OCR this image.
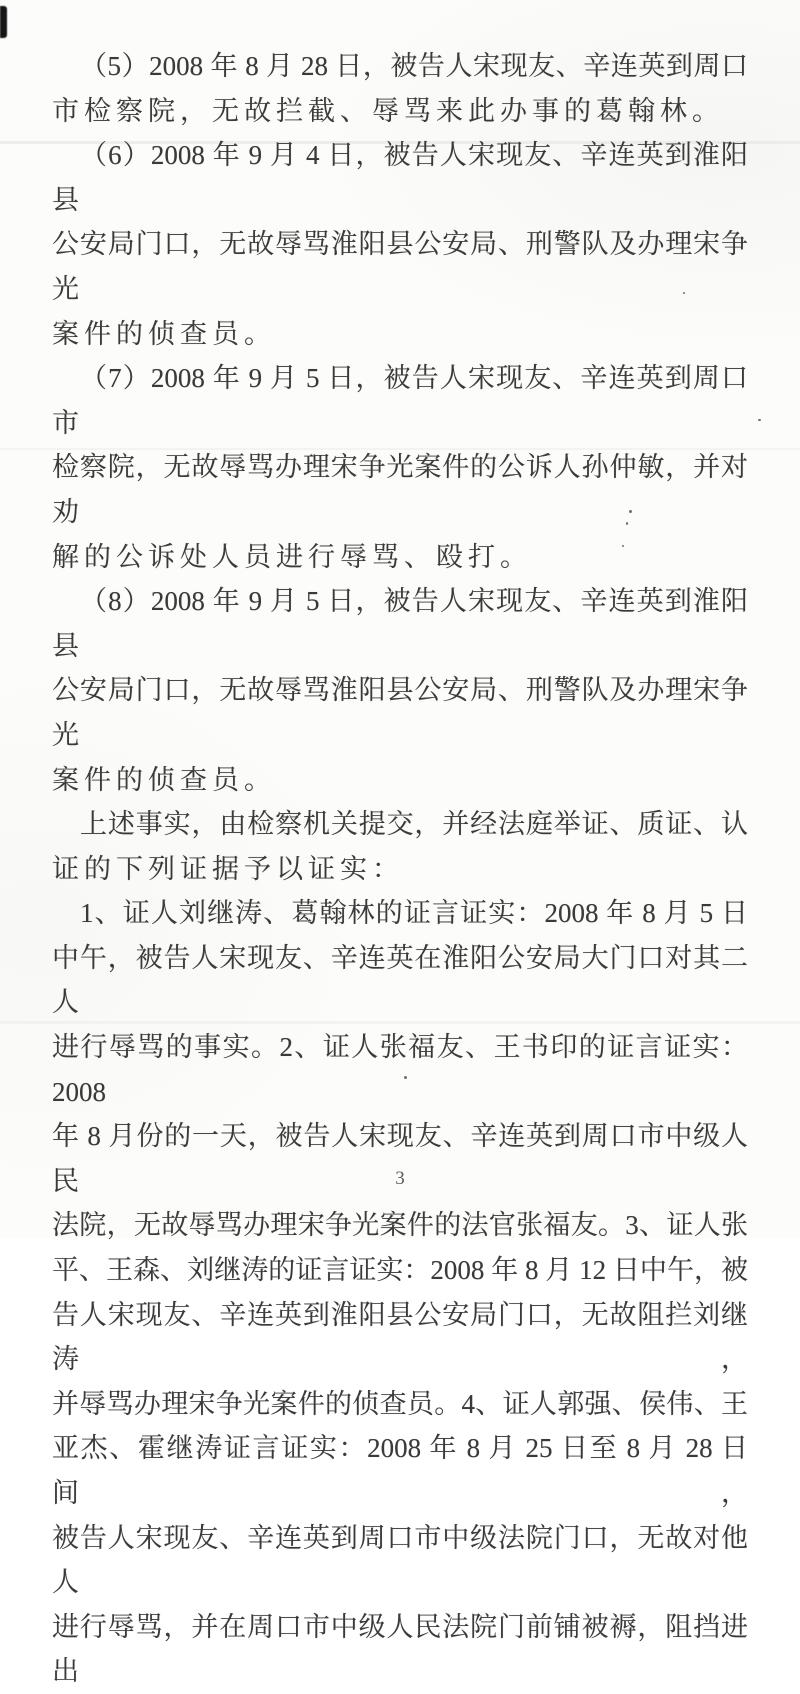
（5）2008 年 8 月 28 日，被告人宋现友、辛连英到周口
市检察院，无故拦截、辱骂来此办事的葛翰林。
（6）2008 年 9 月 4 日，被告人宋现友、辛连英到淮阳县
公安局门口，无故辱骂淮阳县公安局、刑警队及办理宋争光
案件的侦查员。
（7）2008 年 9 月 5 日，被告人宋现友、辛连英到周口市
检察院，无故辱骂办理宋争光案件的公诉人孙仲敏，并对劝
解的公诉处人员进行辱骂、殴打。
（8）2008 年 9 月 5 日，被告人宋现友、辛连英到淮阳县
公安局门口，无故辱骂淮阳县公安局、刑警队及办理宋争光
案件的侦查员。
上述事实，由检察机关提交，并经法庭举证、质证、认
证的下列证据予以证实：
1、证人刘继涛、葛翰林的证言证实：2008 年 8 月 5 日
中午，被告人宋现友、辛连英在淮阳公安局大门口对其二人
进行辱骂的事实。2、证人张福友、王书印的证言证实：2008
年 8 月份的一天，被告人宋现友、辛连英到周口市中级人民
法院，无故辱骂办理宋争光案件的法官张福友。3、证人张
平、王森、刘继涛的证言证实：2008 年 8 月 12 日中午，被
告人宋现友、辛连英到淮阳县公安局门口，无故阻拦刘继涛，
并辱骂办理宋争光案件的侦查员。4、证人郭强、侯伟、王
亚杰、霍继涛证言证实：2008 年 8 月 25 日至 8 月 28 日间，
被告人宋现友、辛连英到周口市中级法院门口，无故对他人
进行辱骂，并在周口市中级人民法院门前铺被褥，阻挡进出
3
